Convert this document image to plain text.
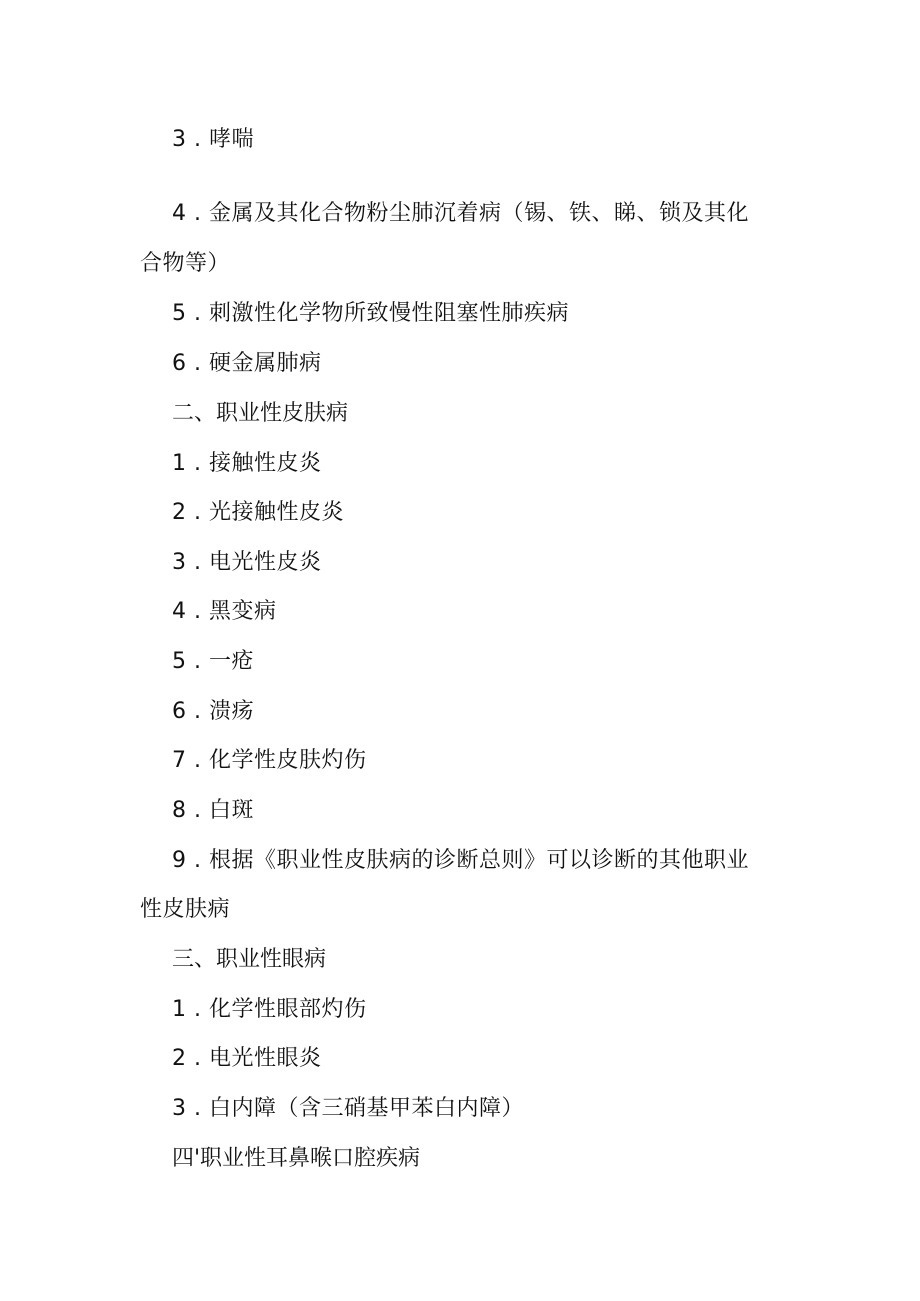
3 . 哮喘
4 . 金属及其化合物粉尘肺沉着病（锡、铁、睇、锁及其化
合物等）
5 . 刺激性化学物所致慢性阻塞性肺疾病
6 . 硬金属肺病
二、职业性皮肤病
1 . 接触性皮炎
2 . 光接触性皮炎
3 . 电光性皮炎
4 . 黑变病
5 . 一疮
6 . 溃疡
7 . 化学性皮肤灼伤
8 . 白斑
9 . 根据《职业性皮肤病的诊断总则》可以诊断的其他职业
性皮肤病
三、职业性眼病
1 . 化学性眼部灼伤
2 . 电光性眼炎
3 . 白内障（含三硝基甲苯白内障）
四'职业性耳鼻喉口腔疾病
